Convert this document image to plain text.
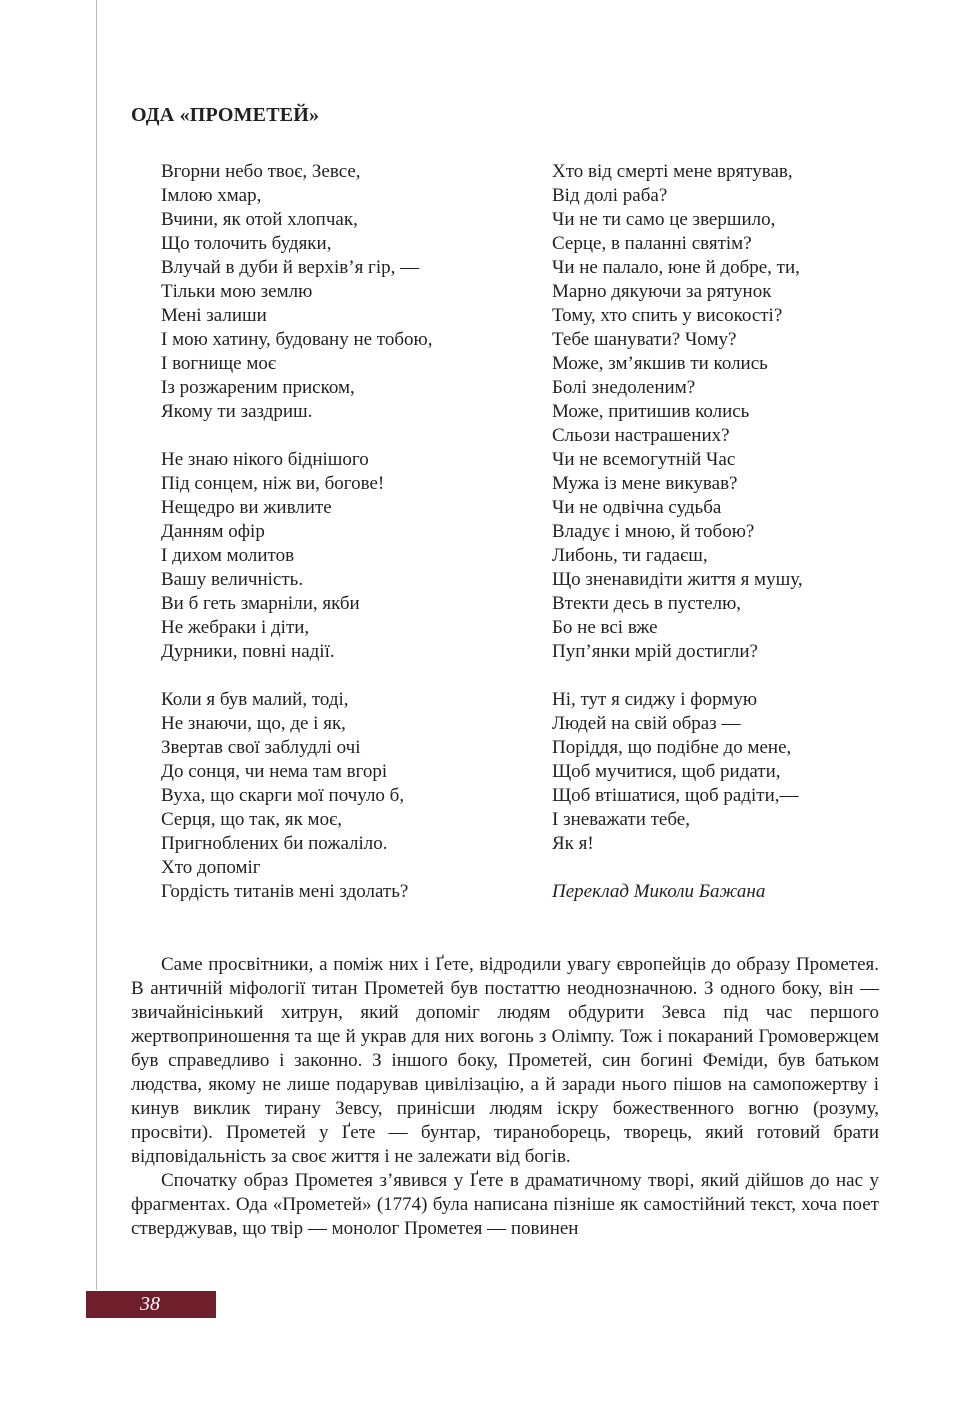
ОДА «ПРОМЕТЕЙ»
Вгорни небо твоє, Зевсе,
Імлою хмар,
Вчини, як отой хлопчак,
Що толочить будяки,
Влучай в дуби й верхів’я гір, —
Тільки мою землю
Мені залиши
І мою хатину, будовану не тобою,
І вогнище моє
Із розжареним приском,
Якому ти заздриш.
Не знаю нікого біднішого
Під сонцем, ніж ви, богове!
Нещедро ви живлите
Данням офір
І дихом молитов
Вашу величність.
Ви б геть змарніли, якби
Не жебраки і діти,
Дурники, повні надії.
Коли я був малий, тоді,
Не знаючи, що, де і як,
Звертав свої заблудлі очі
До сонця, чи нема там вгорі
Вуха, що скарги мої почуло б,
Серця, що так, як моє,
Пригноблених би пожаліло.
Хто допоміг
Гордість титанів мені здолать?
Хто від смерті мене врятував,
Від долі раба?
Чи не ти само це звершило,
Серце, в паланні святім?
Чи не палало, юне й добре, ти,
Марно дякуючи за рятунок
Тому, хто спить у високості?
Тебе шанувати? Чому?
Може, зм’якшив ти колись
Болі знедоленим?
Може, притишив колись
Сльози настрашених?
Чи не всемогутній Час
Мужа із мене викував?
Чи не одвічна судьба
Владує і мною, й тобою?
Либонь, ти гадаєш,
Що зненавидіти життя я мушу,
Втекти десь в пустелю,
Бо не всі вже
Пуп’янки мрій достигли?
Ні, тут я сиджу і формую
Людей на свій образ —
Поріддя, що подібне до мене,
Щоб мучитися, щоб ридати,
Щоб втішатися, щоб радіти,—
І зневажати тебе,
Як я!
Переклад Миколи Бажана

Саме просвітники, а поміж них і Ґете, відродили увагу європейців до образу Прометея. В античній міфології титан Прометей був постаттю неоднозначною. З одного боку, він — звичайнісінький хитрун, який допоміг людям обдурити Зевса під час першого жертвоприношення та ще й украв для них вогонь з Олімпу. Тож і покараний Громовержцем був справедливо і законно. З іншого боку, Прометей, син богині Феміди, був батьком людства, якому не лише подарував цивілізацію, а й заради нього пішов на самопожертву і кинув виклик тирану Зевсу, принісши людям іскру божественного вогню (розуму, просвіти). Прометей у Ґете — бунтар, тираноборець, творець, який готовий брати відповідальність за своє життя і не залежати від богів.

Спочатку образ Прометея з’явився у Ґете в драматичному творі, який дійшов до нас у фрагментах. Ода «Прометей» (1774) була написана пізніше як самостійний текст, хоча поет стверджував, що твір — монолог Прометея — повинен

38
